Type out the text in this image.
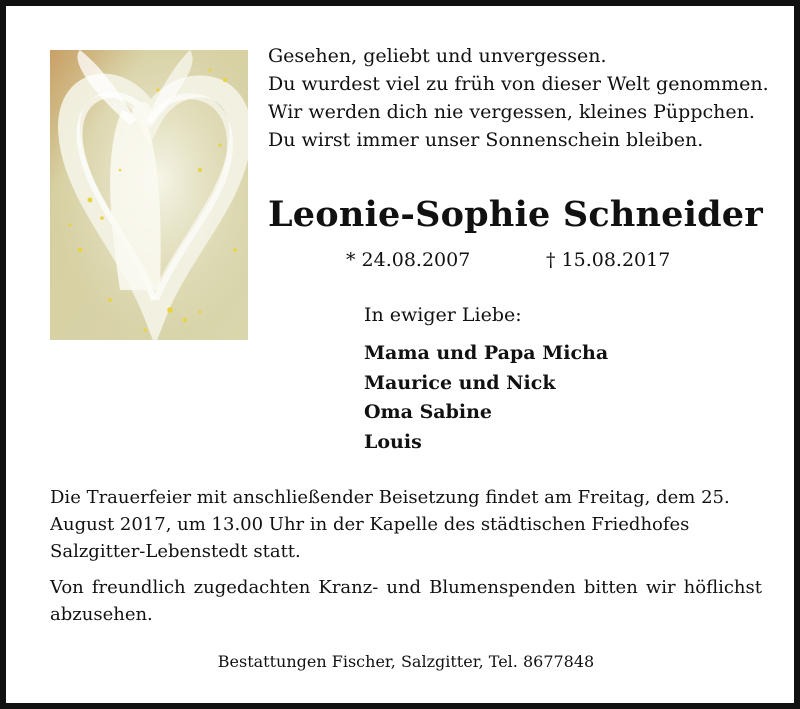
Gesehen, geliebt und unvergessen.
Du wurdest viel zu früh von dieser Welt genommen.
Wir werden dich nie vergessen, kleines Püppchen.
Du wirst immer unser Sonnenschein bleiben.
Leonie-Sophie Schneider
* 24.08.2007	† 15.08.2017
In ewiger Liebe:
Mama und Papa Micha
Maurice und Nick
Oma Sabine
Louis
Die Trauerfeier mit anschließender Beisetzung findet am Freitag, dem 25. August 2017, um 13.00 Uhr in der Kapelle des städtischen Friedhofes Salzgitter-Lebenstedt statt.
Von freundlich zugedachten Kranz- und Blumenspenden bitten wir höflichst abzusehen.
Bestattungen Fischer, Salzgitter, Tel. 8677848
